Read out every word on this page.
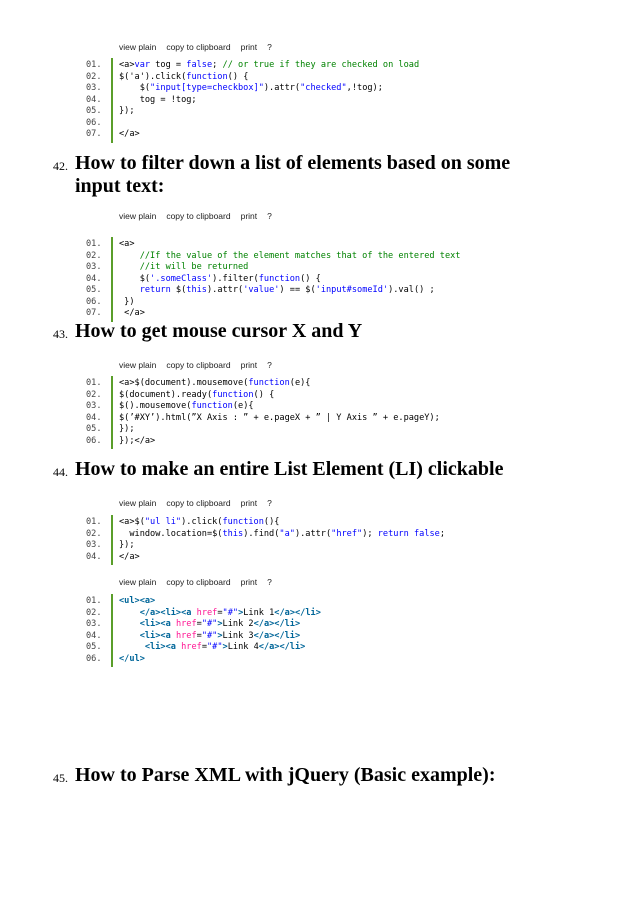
view plain copy to clipboard print ?
01.	<a>var tog = false; // or true if they are checked on load
02.	$('a').click(function() {
03.	$("input[type=checkbox]").attr("checked",!tog);
04.	tog = !tog;
05.	});
06.
07.	</a>
42. How to filter down a list of elements based on some
input text:
view plain copy to clipboard print ?
01.	<a>
02.	//If the value of the element matches that of the entered text
03.	//it will be returned
04.	$('.someClass').filter(function() {
05.	return $(this).attr('value') == $('input#someId').val() ;
06.	})
07.	</a>
43. How to get mouse cursor X and Y
view plain copy to clipboard print ?
01.	<a>$(document).mousemove(function(e){
02.	$(document).ready(function() {
03.	$().mousemove(function(e){
04.	$(’#XY’).html(”X Axis : ” + e.pageX + ” | Y Axis ” + e.pageY);
05.	});
06.	});</a>
44. How to make an entire List Element (LI) clickable
view plain copy to clipboard print ?
01.	<a>$("ul li").click(function(){
02.	window.location=$(this).find("a").attr("href"); return false;
03.	});
04.	</a>
view plain copy to clipboard print ?
01.	<ul><a>
02.	</a><li><a href="#">Link 1</a></li>
03.	<li><a href="#">Link 2</a></li>
04.	<li><a href="#">Link 3</a></li>
05.	<li><a href="#">Link 4</a></li>
06.	</ul>
45. How to Parse XML with jQuery (Basic example):
